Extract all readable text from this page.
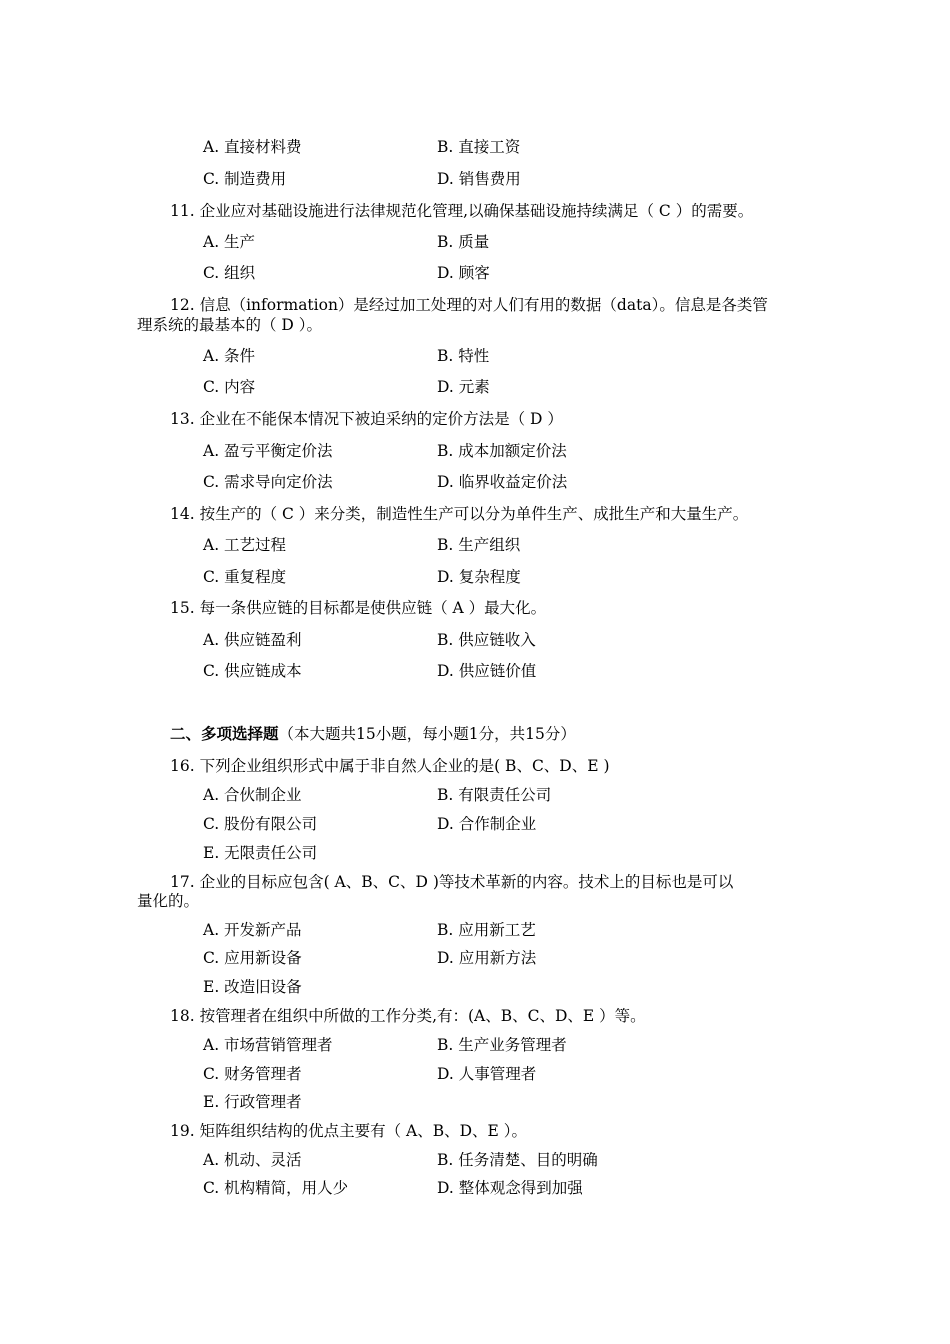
A. 直接材料费	B. 直接工资
C. 制造费用	D. 销售费用
11. 企业应对基础设施进行法律规范化管理,以确保基础设施持续满足（ C ）的需要。
A. 生产	B. 质量
C. 组织	D. 顾客
12. 信息（information）是经过加工处理的对人们有用的数据（data）。信息是各类管
理系统的最基本的（ D ）。
A. 条件	B. 特性
C. 内容	D. 元素
13. 企业在不能保本情况下被迫采纳的定价方法是（ D ）
A. 盈亏平衡定价法	B. 成本加额定价法
C. 需求导向定价法	D. 临界收益定价法
14. 按生产的（ C ）来分类，制造性生产可以分为单件生产、成批生产和大量生产。
A. 工艺过程	B. 生产组织
C. 重复程度	D. 复杂程度
15. 每一条供应链的目标都是使供应链（ A ）最大化。
A. 供应链盈利	B. 供应链收入
C. 供应链成本	D. 供应链价值
二、多项选择题（本大题共15小题，每小题1分，共15分）
16. 下列企业组织形式中属于非自然人企业的是( B、C、D、E )
A. 合伙制企业	B. 有限责任公司
C. 股份有限公司	D. 合作制企业
E. 无限责任公司
17. 企业的目标应包含( A、B、C、D )等技术革新的内容。技术上的目标也是可以
量化的。
A. 开发新产品	B. 应用新工艺
C. 应用新设备	D. 应用新方法
E. 改造旧设备
18. 按管理者在组织中所做的工作分类,有：(A、B、C、D、E ）等。
A. 市场营销管理者	B. 生产业务管理者
C. 财务管理者	D. 人事管理者
E. 行政管理者
19. 矩阵组织结构的优点主要有（ A、B、D、E ）。
A. 机动、灵活	B. 任务清楚、目的明确
C. 机构精简，用人少	D. 整体观念得到加强
